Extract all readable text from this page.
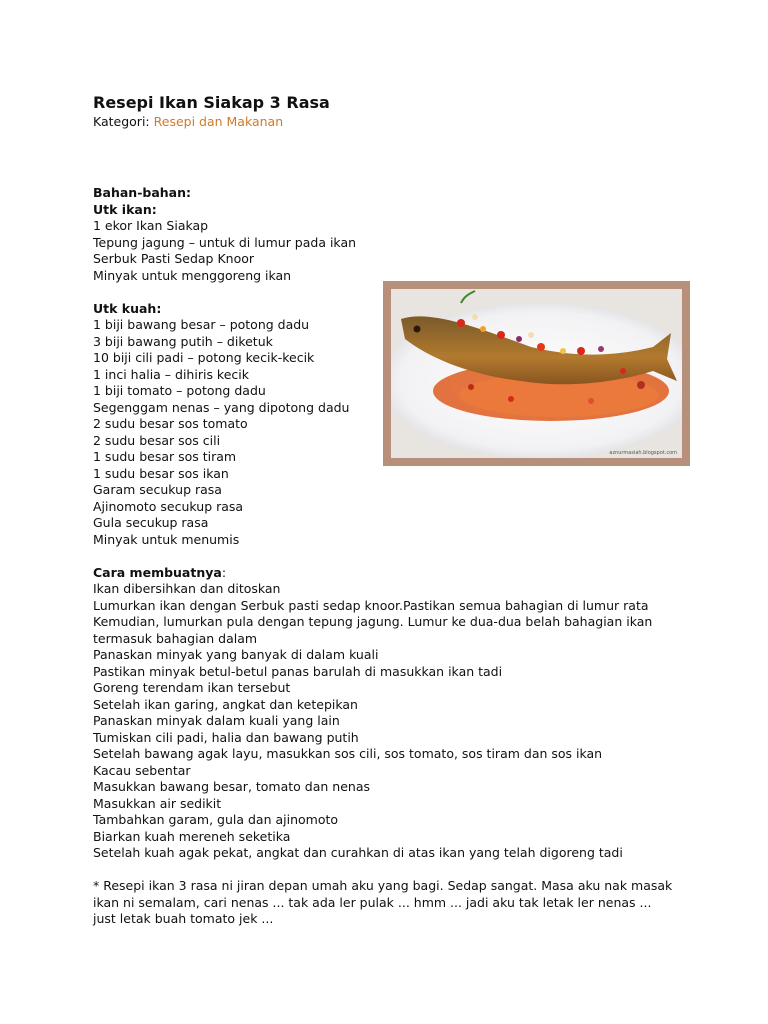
Resepi Ikan Siakap 3 Rasa
Kategori: Resepi dan Makanan
Bahan-bahan:
Utk ikan:
1 ekor Ikan Siakap
Tepung jagung – untuk di lumur pada ikan
Serbuk Pasti Sedap Knoor
Minyak untuk menggoreng ikan
Utk kuah:
1 biji bawang besar – potong dadu
3 biji bawang putih – diketuk
10 biji cili padi – potong kecik-kecik
1 inci halia – dihiris kecik
1 biji tomato – potong dadu
Segenggam nenas – yang dipotong dadu
2 sudu besar sos tomato
2 sudu besar sos cili
1 sudu besar sos tiram
1 sudu besar sos ikan
Garam secukup rasa
Ajinomoto secukup rasa
Gula secukup rasa
Minyak untuk menumis
Cara membuatnya:
Ikan dibersihkan dan ditoskan
Lumurkan ikan dengan Serbuk pasti sedap knoor.Pastikan semua bahagian di lumur rata
Kemudian, lumurkan pula dengan tepung jagung. Lumur ke dua-dua belah bahagian ikan termasuk bahagian dalam
Panaskan minyak yang banyak di dalam kuali
Pastikan minyak betul-betul panas barulah di masukkan ikan tadi
Goreng terendam ikan tersebut
Setelah ikan garing, angkat dan ketepikan
Panaskan minyak dalam kuali yang lain
Tumiskan cili padi, halia dan bawang putih
Setelah bawang agak layu, masukkan sos cili, sos tomato, sos tiram dan sos ikan
Kacau sebentar
Masukkan bawang besar, tomato dan nenas
Masukkan air sedikit
Tambahkan garam, gula dan ajinomoto
Biarkan kuah mereneh seketika
Setelah kuah agak pekat, angkat dan curahkan di atas ikan yang telah digoreng tadi
* Resepi ikan 3 rasa ni jiran depan umah aku yang bagi. Sedap sangat. Masa aku nak masak ikan ni semalam, cari nenas ... tak ada ler pulak ... hmm ... jadi aku tak letak ler nenas ... just letak buah tomato jek ...
aznurmasiah.blogspot.com
